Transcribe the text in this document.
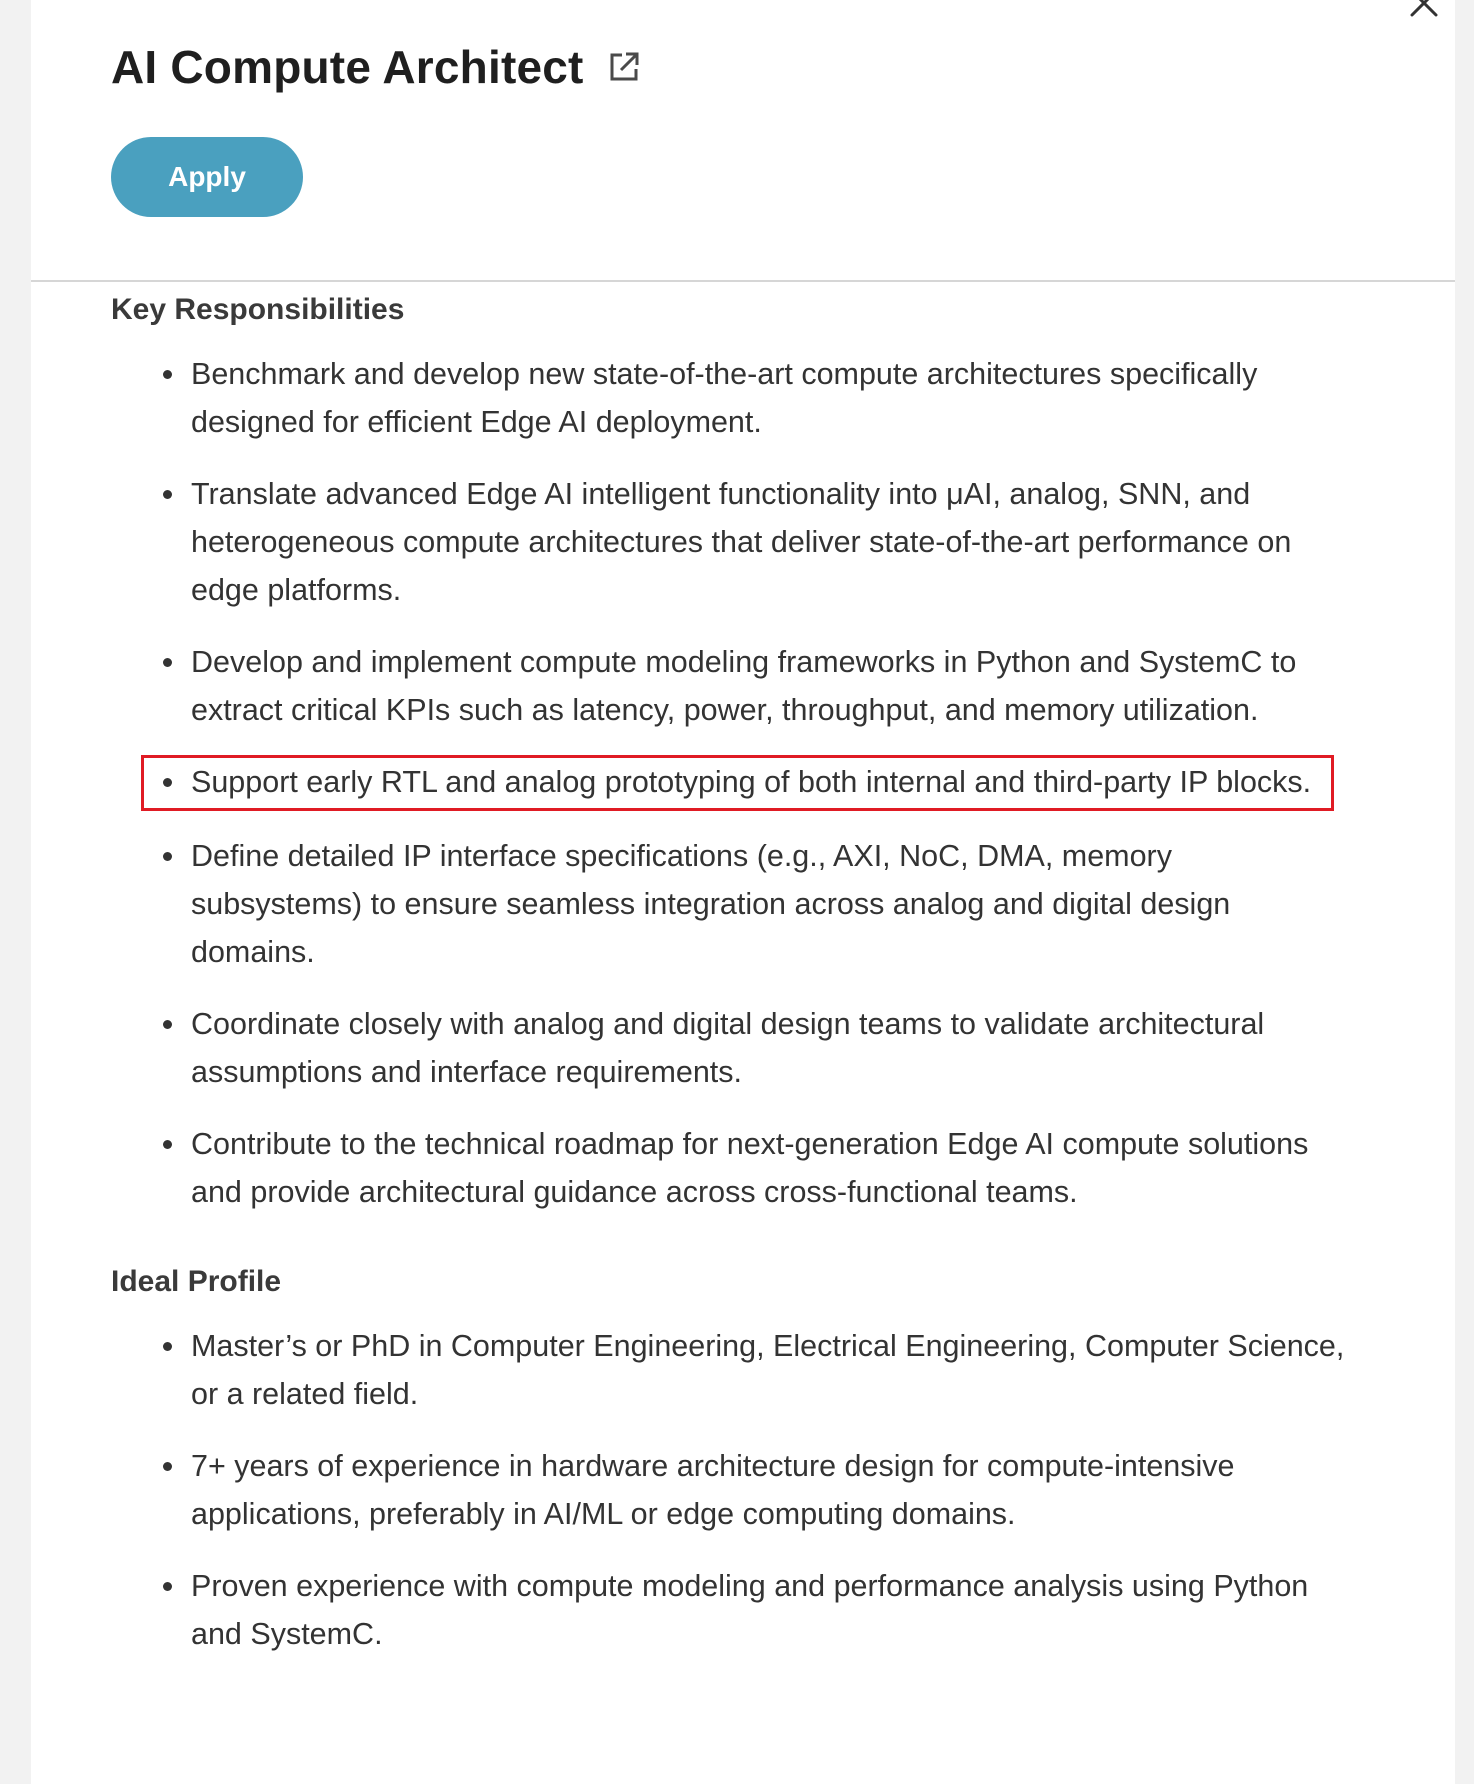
AI Compute Architect
Apply
Key Responsibilities
Benchmark and develop new state-of-the-art compute architectures specifically designed for efficient Edge AI deployment.
Translate advanced Edge AI intelligent functionality into μAI, analog, SNN, and heterogeneous compute architectures that deliver state-of-the-art performance on edge platforms.
Develop and implement compute modeling frameworks in Python and SystemC to extract critical KPIs such as latency, power, throughput, and memory utilization.
Support early RTL and analog prototyping of both internal and third-party IP blocks.
Define detailed IP interface specifications (e.g., AXI, NoC, DMA, memory subsystems) to ensure seamless integration across analog and digital design domains.
Coordinate closely with analog and digital design teams to validate architectural assumptions and interface requirements.
Contribute to the technical roadmap for next-generation Edge AI compute solutions and provide architectural guidance across cross-functional teams.
Ideal Profile
Master’s or PhD in Computer Engineering, Electrical Engineering, Computer Science, or a related field.
7+ years of experience in hardware architecture design for compute-intensive applications, preferably in AI/ML or edge computing domains.
Proven experience with compute modeling and performance analysis using Python and SystemC.
